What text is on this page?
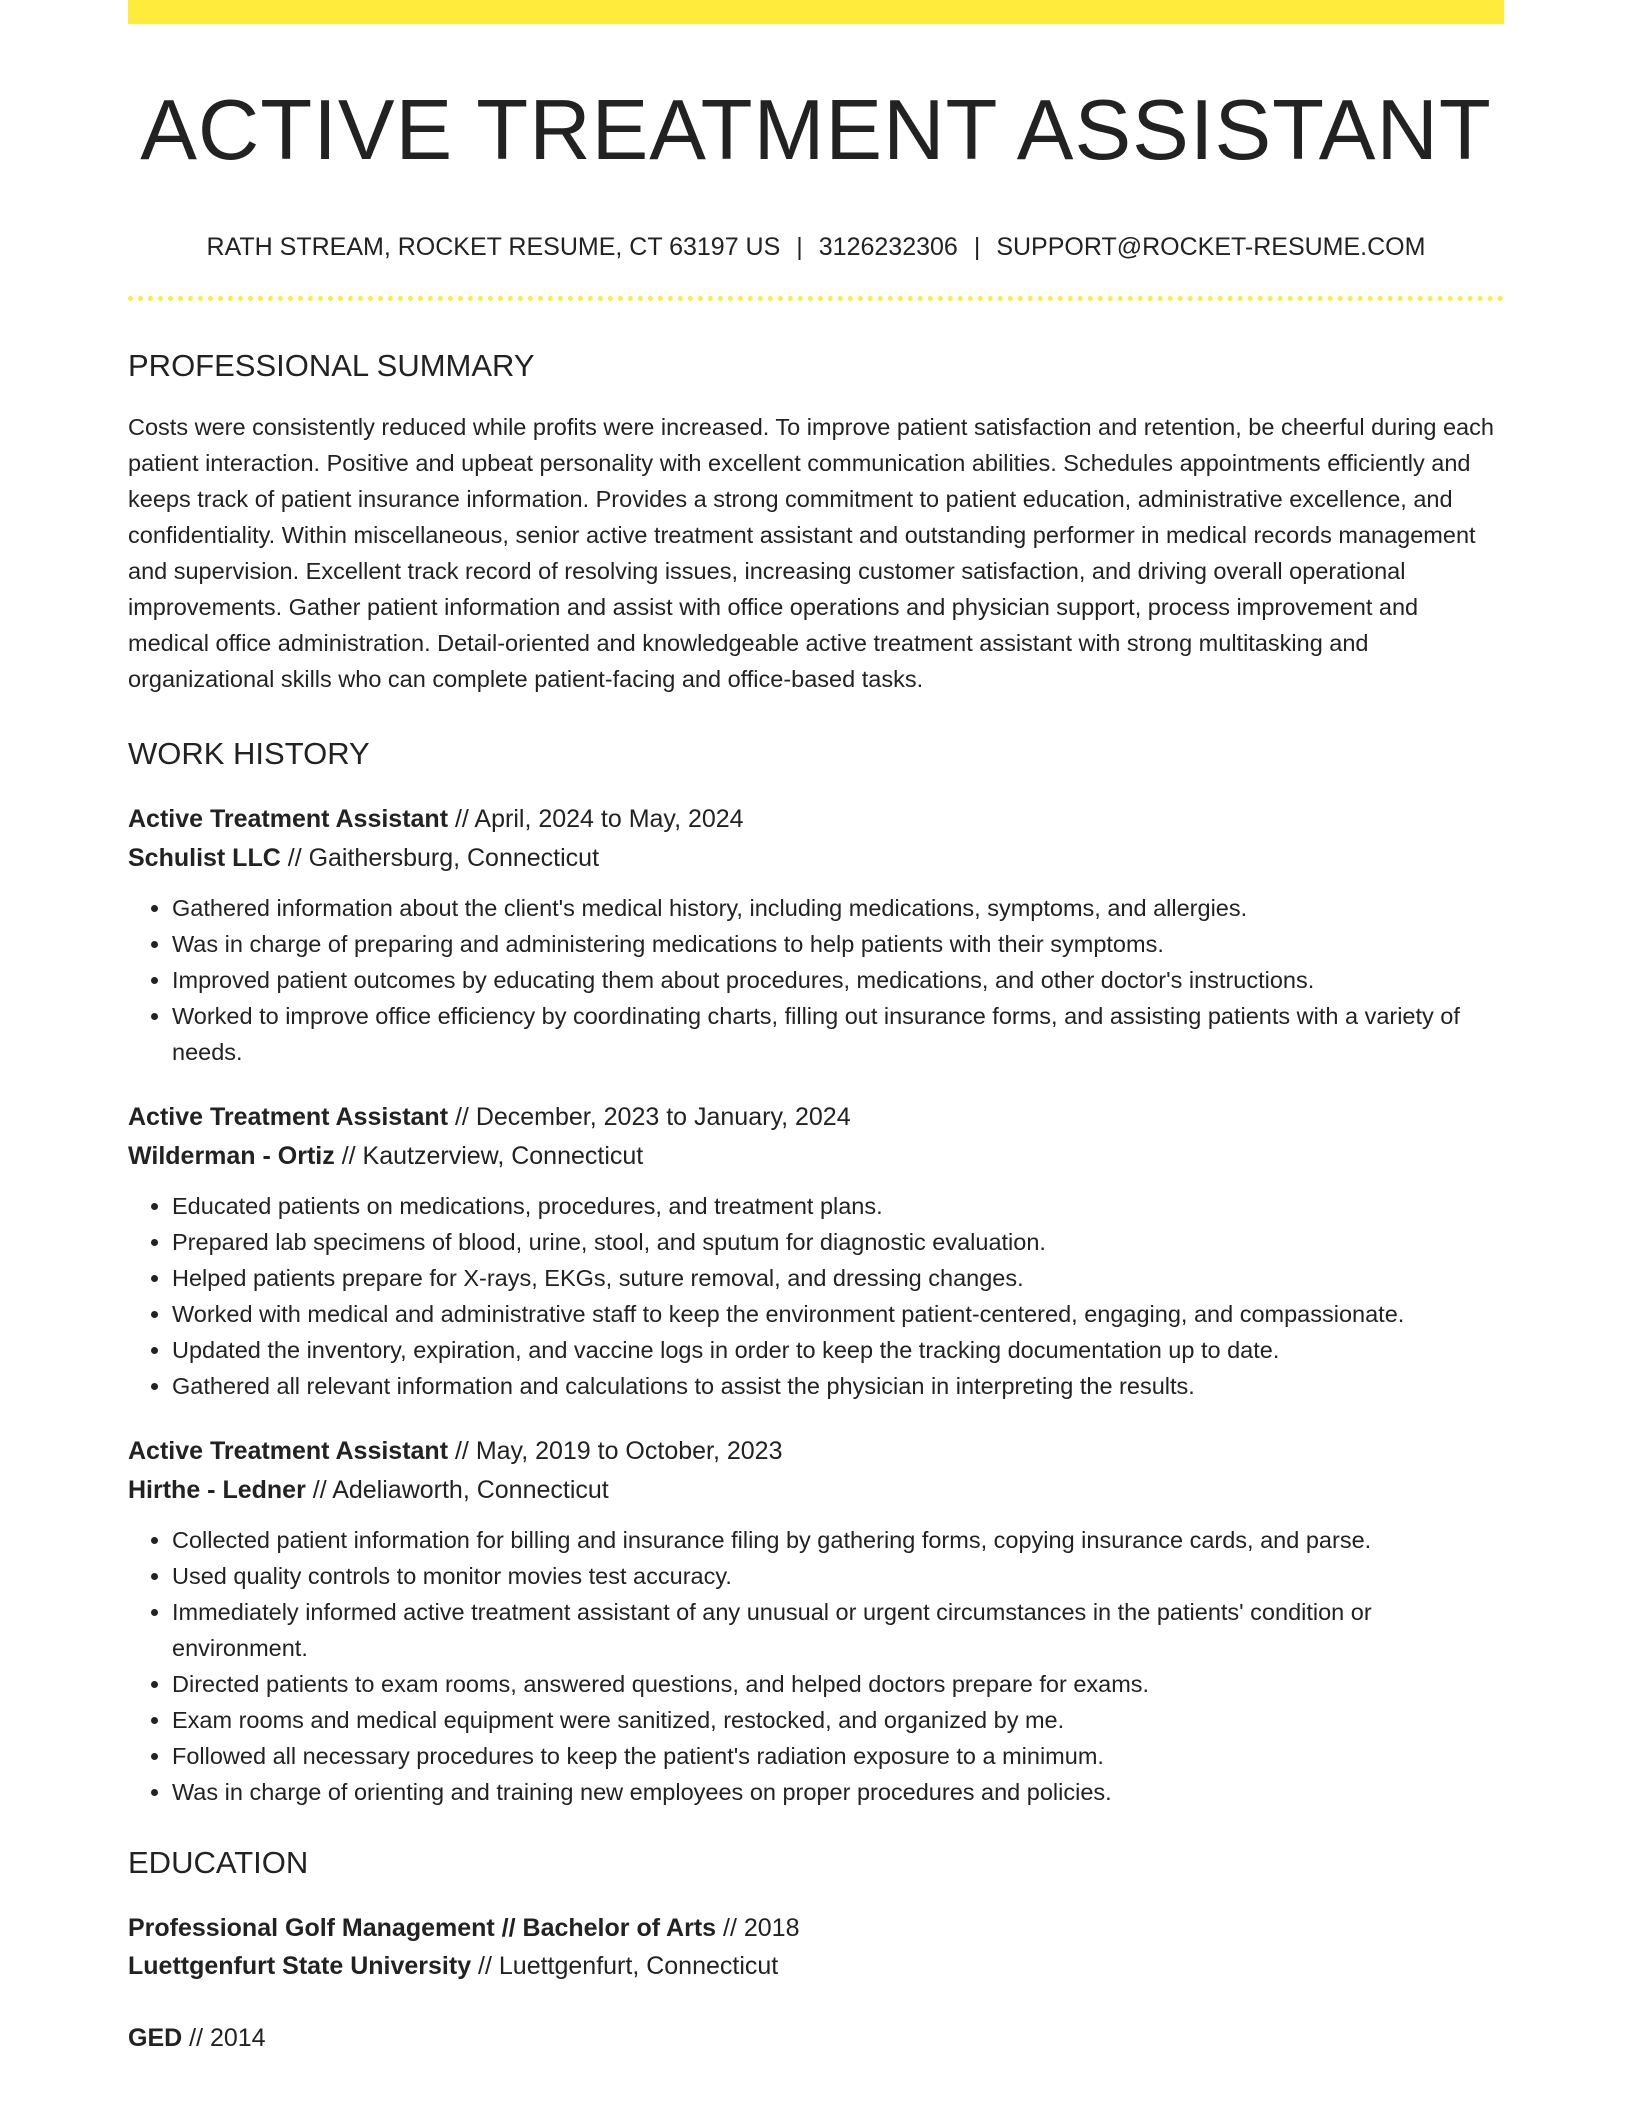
ACTIVE TREATMENT ASSISTANT
RATH STREAM, ROCKET RESUME, CT 63197 US | 3126232306 | SUPPORT@ROCKET-RESUME.COM
PROFESSIONAL SUMMARY
Costs were consistently reduced while profits were increased. To improve patient satisfaction and retention, be cheerful during each patient interaction. Positive and upbeat personality with excellent communication abilities. Schedules appointments efficiently and keeps track of patient insurance information. Provides a strong commitment to patient education, administrative excellence, and confidentiality. Within miscellaneous, senior active treatment assistant and outstanding performer in medical records management and supervision. Excellent track record of resolving issues, increasing customer satisfaction, and driving overall operational improvements. Gather patient information and assist with office operations and physician support, process improvement and medical office administration. Detail-oriented and knowledgeable active treatment assistant with strong multitasking and organizational skills who can complete patient-facing and office-based tasks.
WORK HISTORY
Active Treatment Assistant // April, 2024 to May, 2024
Schulist LLC // Gaithersburg, Connecticut
• Gathered information about the client's medical history, including medications, symptoms, and allergies.
• Was in charge of preparing and administering medications to help patients with their symptoms.
• Improved patient outcomes by educating them about procedures, medications, and other doctor's instructions.
• Worked to improve office efficiency by coordinating charts, filling out insurance forms, and assisting patients with a variety of needs.
Active Treatment Assistant // December, 2023 to January, 2024
Wilderman - Ortiz // Kautzerview, Connecticut
• Educated patients on medications, procedures, and treatment plans.
• Prepared lab specimens of blood, urine, stool, and sputum for diagnostic evaluation.
• Helped patients prepare for X-rays, EKGs, suture removal, and dressing changes.
• Worked with medical and administrative staff to keep the environment patient-centered, engaging, and compassionate.
• Updated the inventory, expiration, and vaccine logs in order to keep the tracking documentation up to date.
• Gathered all relevant information and calculations to assist the physician in interpreting the results.
Active Treatment Assistant // May, 2019 to October, 2023
Hirthe - Ledner // Adeliaworth, Connecticut
• Collected patient information for billing and insurance filing by gathering forms, copying insurance cards, and parse.
• Used quality controls to monitor movies test accuracy.
• Immediately informed active treatment assistant of any unusual or urgent circumstances in the patients' condition or environment.
• Directed patients to exam rooms, answered questions, and helped doctors prepare for exams.
• Exam rooms and medical equipment were sanitized, restocked, and organized by me.
• Followed all necessary procedures to keep the patient's radiation exposure to a minimum.
• Was in charge of orienting and training new employees on proper procedures and policies.
EDUCATION
Professional Golf Management // Bachelor of Arts // 2018
Luettgenfurt State University // Luettgenfurt, Connecticut
GED // 2014
